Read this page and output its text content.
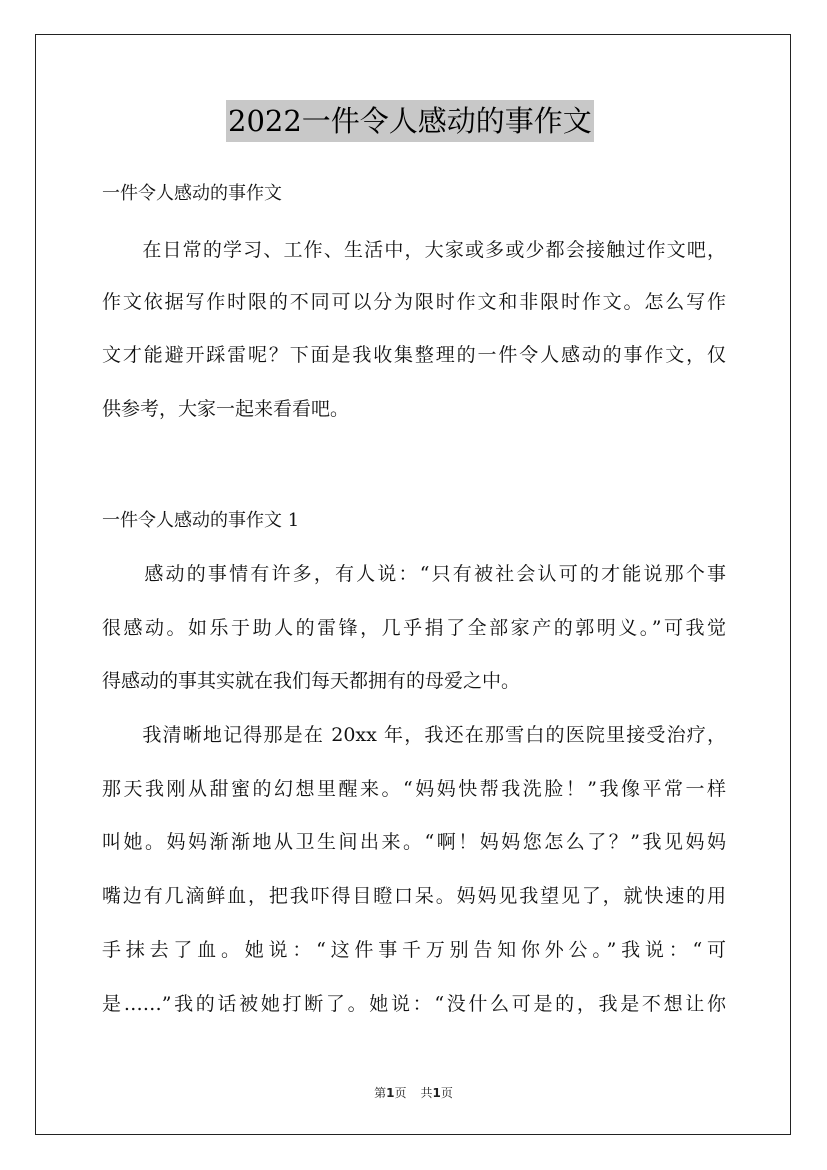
2022一件令人感动的事作文
一件令人感动的事作文
　　在日常的学习、工作、生活中，大家或多或少都会接触过作文吧，
作文依据写作时限的不同可以分为限时作文和非限时作文。怎么写作
文才能避开踩雷呢？下面是我收集整理的一件令人感动的事作文，仅
供参考，大家一起来看看吧。
一件令人感动的事作文 1
　　感动的事情有许多，有人说：“只有被社会认可的才能说那个事
很感动。如乐于助人的雷锋，几乎捐了全部家产的郭明义。”可我觉
得感动的事其实就在我们每天都拥有的母爱之中。
　　我清晰地记得那是在 20xx 年，我还在那雪白的医院里接受治疗，
那天我刚从甜蜜的幻想里醒来。“妈妈快帮我洗脸！”我像平常一样
叫她。妈妈渐渐地从卫生间出来。“啊！妈妈您怎么了？”我见妈妈
嘴边有几滴鲜血，把我吓得目瞪口呆。妈妈见我望见了，就快速的用
手抹去了血。她说：“这件事千万别告知你外公。”我说：“可
是……”我的话被她打断了。她说：“没什么可是的，我是不想让你
第1页 共1页
